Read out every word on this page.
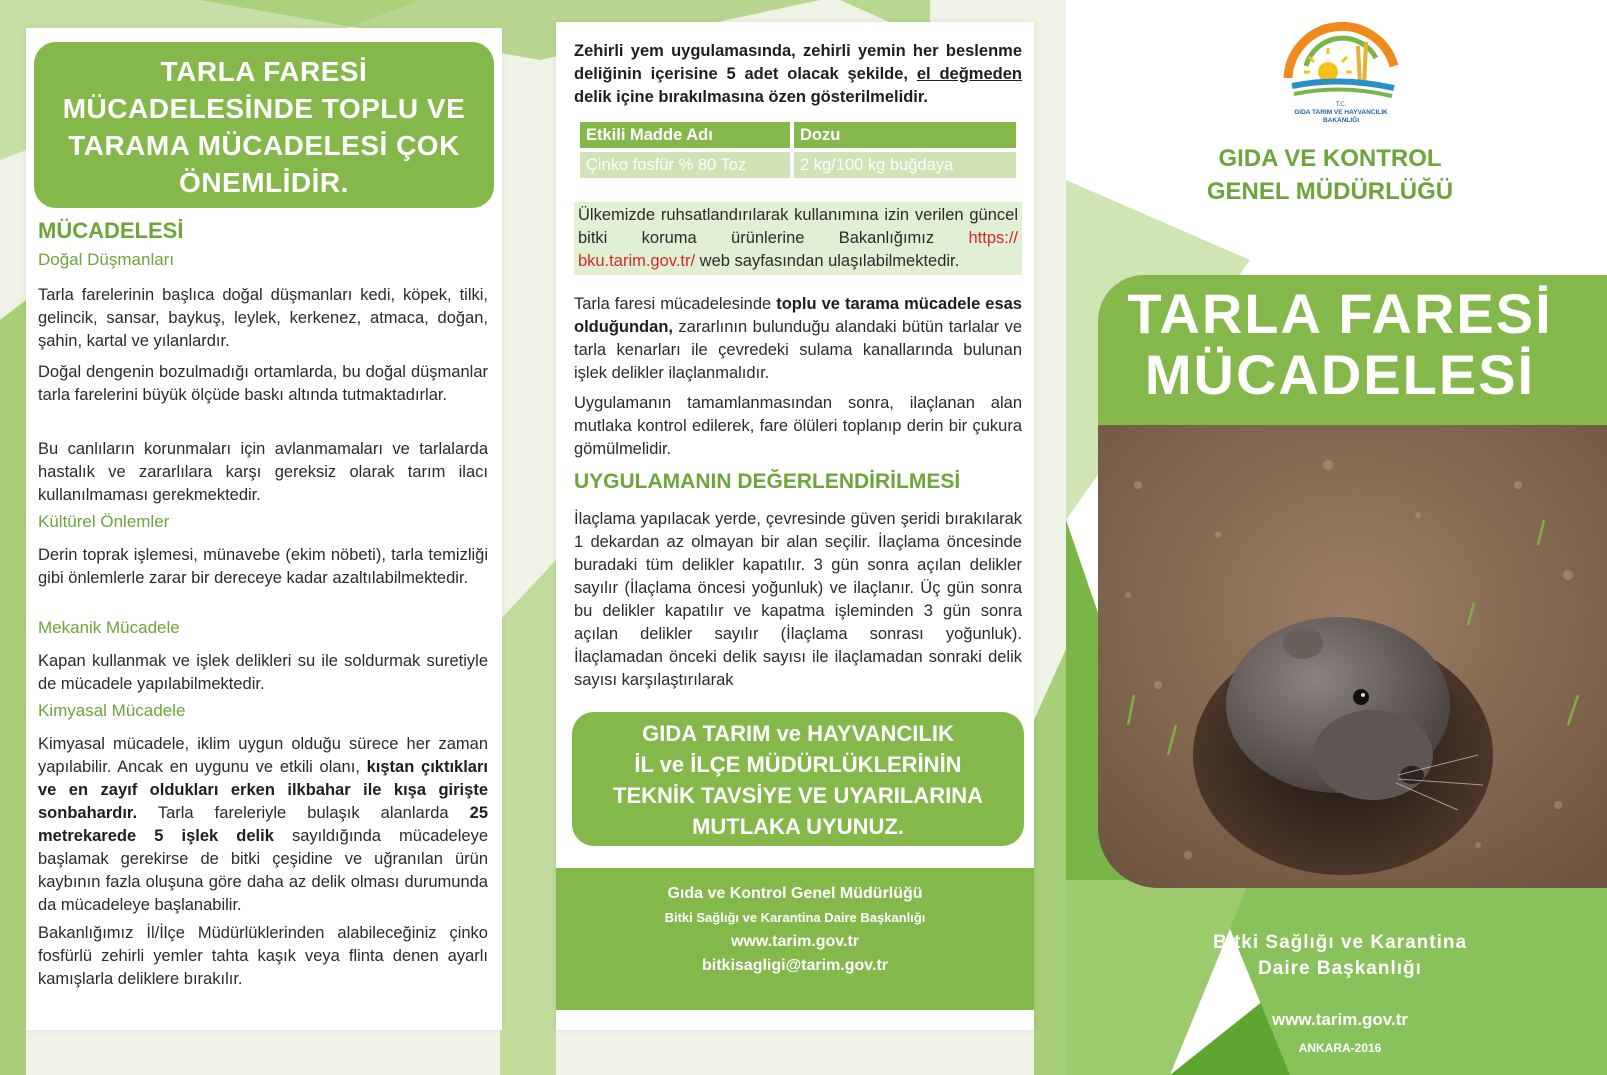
TARLA FARESİ MÜCADELESİNDE TOPLU VE TARAMA MÜCADELESİ ÇOK ÖNEMLİDİR.
MÜCADELESİ
Doğal Düşmanları

Tarla farelerinin başlıca doğal düşmanları kedi, köpek, tilki, gelincik, sansar, baykuş, leylek, kerkenez, atmaca, doğan, şahin, kartal ve yılanlardır.

Doğal dengenin bozulmadığı ortamlarda, bu doğal düşmanlar tarla farelerini büyük ölçüde baskı altında tutmaktadırlar.

Bu canlıların korunmaları için avlanmamaları ve tarlalarda hastalık ve zararlılara karşı gereksiz olarak tarım ilacı kullanılmaması gerekmektedir.

Kültürel Önlemler

Derin toprak işlemesi, münavebe (ekim nöbeti), tarla temizliği gibi önlemlerle zarar bir dereceye kadar azaltılabilmektedir.

Mekanik Mücadele

Kapan kullanmak ve işlek delikleri su ile soldurmak suretiyle de mücadele yapılabilmektedir.

Kimyasal Mücadele

Kimyasal mücadele, iklim uygun olduğu sürece her zaman yapılabilir. Ancak en uygunu ve etkili olanı, kıştan çıktıkları ve en zayıf oldukları erken ilkbahar ile kışa girişte sonbahardır. Tarla fareleriyle bulaşık alanlarda 25 metrekarede 5 işlek delik sayıldığında mücadeleye başlamak gerekirse de bitki çeşidine ve uğranılan ürün kaybının fazla oluşuna göre daha az delik olması durumunda da mücadeleye başlanabilir.

Bakanlığımız İl/İlçe Müdürlüklerinden alabileceğiniz çinko fosfürlü zehirli yemler tahta kaşık veya flinta denen ayarlı kamışlarla deliklere bırakılır.

Zehirli yem uygulamasında, zehirli yemin her beslenme deliğinin içerisine 5 adet olacak şekilde, el değmeden delik içine bırakılmasına özen gösterilmelidir.

Etkili Madde Adı	Dozu
Çinko fosfür % 80 Toz	2 kg/100 kg buğdaya
Ülkemizde ruhsatlandırılarak kullanımına izin verilen güncel bitki koruma ürünlerine Bakanlığımız https:// bku.tarim.gov.tr/ web sayfasından ulaşılabilmektedir.

Tarla faresi mücadelesinde toplu ve tarama mücadele esas olduğundan, zararlının bulunduğu alandaki bütün tarlalar ve tarla kenarları ile çevredeki sulama kanallarında bulunan işlek delikler ilaçlanmalıdır.

Uygulamanın tamamlanmasından sonra, ilaçlanan alan mutlaka kontrol edilerek, fare ölüleri toplanıp derin bir çukura gömülmelidir.

UYGULAMANIN DEĞERLENDİRİLMESİ

İlaçlama yapılacak yerde, çevresinde güven şeridi bırakılarak 1 dekardan az olmayan bir alan seçilir. İlaçlama öncesinde buradaki tüm delikler kapatılır. 3 gün sonra açılan delikler sayılır (İlaçlama öncesi yoğunluk) ve ilaçlanır. Üç gün sonra bu delikler kapatılır ve kapatma işleminden 3 gün sonra açılan delikler sayılır (İlaçlama sonrası yoğunluk). İlaçlamadan önceki delik sayısı ile ilaçlamadan sonraki delik sayısı karşılaştırılarak

GIDA TARIM ve HAYVANCILIK
İL ve İLÇE MÜDÜRLÜKLERİNİN
TEKNİK TAVSİYE VE UYARILARINA
MUTLAKA UYUNUZ.
Gıda ve Kontrol Genel Müdürlüğü
Bitki Sağlığı ve Karantina Daire Başkanlığı
www.tarim.gov.tr
bitkisagligi@tarim.gov.tr
T.C.
GIDA TARIM VE HAYVANCILIK
BAKANLIĞI
GIDA VE KONTROL
GENEL MÜDÜRLÜĞÜ
TARLA FARESİ
MÜCADELESİ
Bitki Sağlığı ve Karantina
Daire Başkanlığı
www.tarim.gov.tr
ANKARA-2016
